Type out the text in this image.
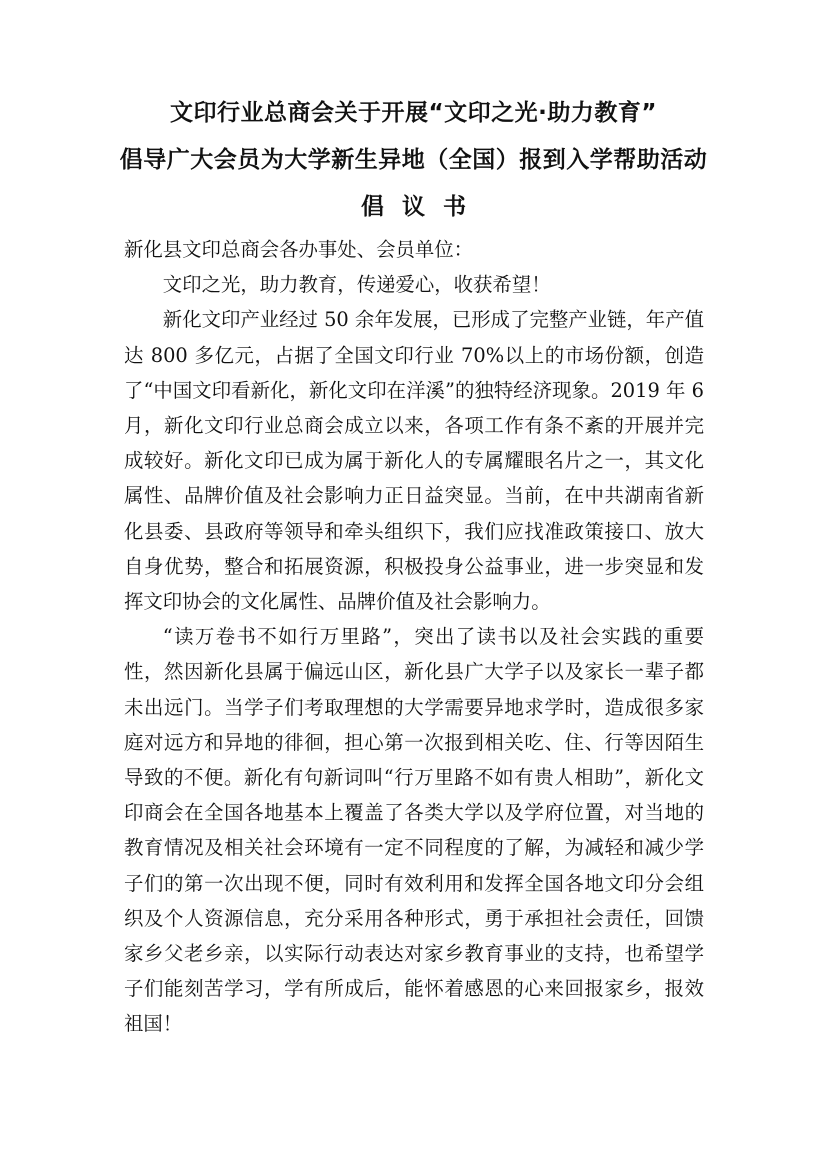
文印行业总商会关于开展“文印之光·助力教育”
倡导广大会员为大学新生异地（全国）报到入学帮助活动
倡议书

新化县文印总商会各办事处、会员单位：

文印之光，助力教育，传递爱心，收获希望！

新化文印产业经过 50 余年发展，已形成了完整产业链，年产值达 800 多亿元，占据了全国文印行业 70%以上的市场份额，创造了“中国文印看新化，新化文印在洋溪”的独特经济现象。2019 年 6 月，新化文印行业总商会成立以来，各项工作有条不紊的开展并完成较好。新化文印已成为属于新化人的专属耀眼名片之一，其文化属性、品牌价值及社会影响力正日益突显。当前，在中共湖南省新化县委、县政府等领导和牵头组织下，我们应找准政策接口、放大自身优势，整合和拓展资源，积极投身公益事业，进一步突显和发挥文印协会的文化属性、品牌价值及社会影响力。

“读万卷书不如行万里路”，突出了读书以及社会实践的重要性，然因新化县属于偏远山区，新化县广大学子以及家长一辈子都未出远门。当学子们考取理想的大学需要异地求学时，造成很多家庭对远方和异地的徘徊，担心第一次报到相关吃、住、行等因陌生导致的不便。新化有句新词叫“行万里路不如有贵人相助”，新化文印商会在全国各地基本上覆盖了各类大学以及学府位置，对当地的教育情况及相关社会环境有一定不同程度的了解，为减轻和减少学子们的第一次出现不便，同时有效利用和发挥全国各地文印分会组织及个人资源信息，充分采用各种形式，勇于承担社会责任，回馈家乡父老乡亲，以实际行动表达对家乡教育事业的支持，也希望学子们能刻苦学习，学有所成后，能怀着感恩的心来回报家乡，报效祖国！
